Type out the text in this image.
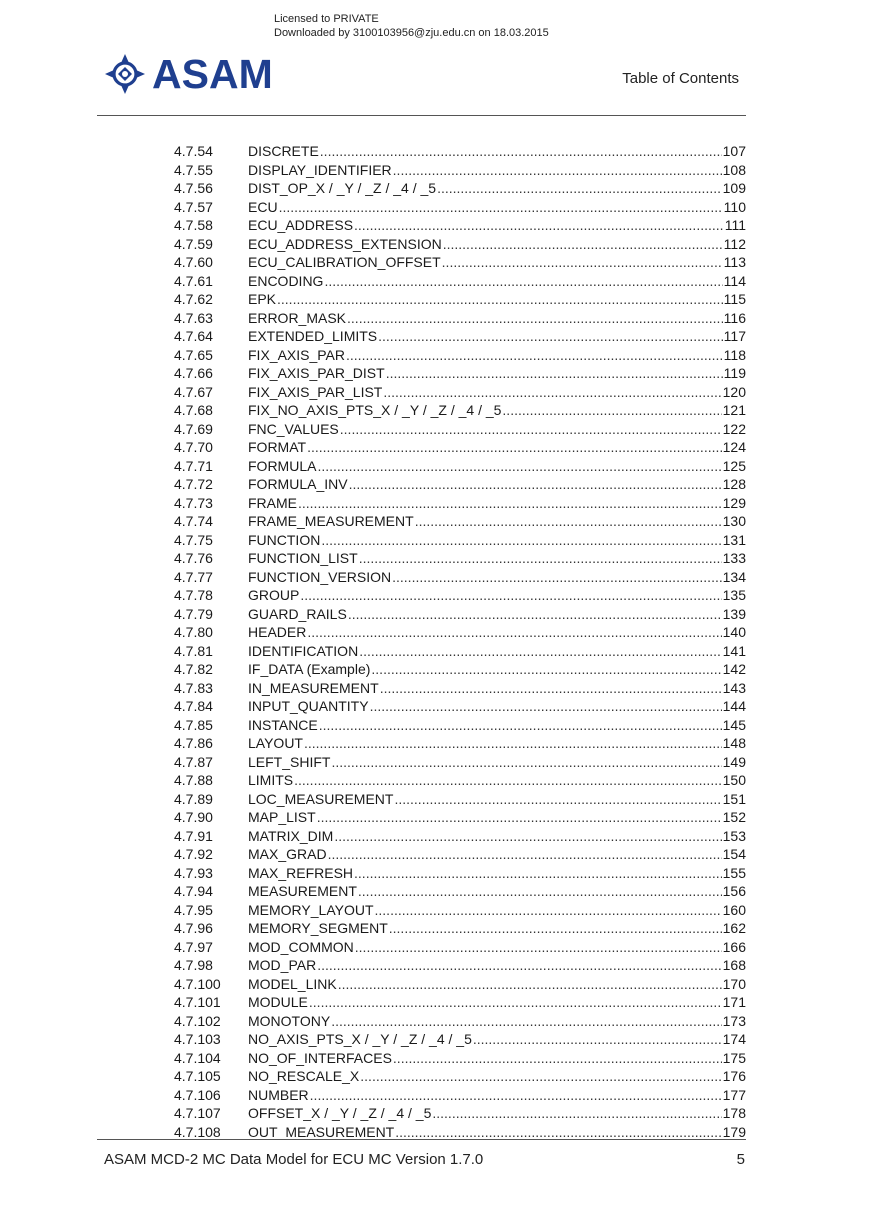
Licensed to PRIVATE
Downloaded by 3100103956@zju.edu.cn on 18.03.2015
ASAM	Table of Contents
4.7.54	DISCRETE .....	107
4.7.55	DISPLAY_IDENTIFIER .....	108
4.7.56	DIST_OP_X / _Y / _Z / _4 / _5 .....	109
4.7.57	ECU .....	110
4.7.58	ECU_ADDRESS .....	111
4.7.59	ECU_ADDRESS_EXTENSION .....	112
4.7.60	ECU_CALIBRATION_OFFSET .....	113
4.7.61	ENCODING .....	114
4.7.62	EPK .....	115
4.7.63	ERROR_MASK .....	116
4.7.64	EXTENDED_LIMITS .....	117
4.7.65	FIX_AXIS_PAR .....	118
4.7.66	FIX_AXIS_PAR_DIST .....	119
4.7.67	FIX_AXIS_PAR_LIST .....	120
4.7.68	FIX_NO_AXIS_PTS_X / _Y / _Z / _4 / _5 .....	121
4.7.69	FNC_VALUES .....	122
4.7.70	FORMAT .....	124
4.7.71	FORMULA .....	125
4.7.72	FORMULA_INV .....	128
4.7.73	FRAME .....	129
4.7.74	FRAME_MEASUREMENT .....	130
4.7.75	FUNCTION .....	131
4.7.76	FUNCTION_LIST .....	133
4.7.77	FUNCTION_VERSION .....	134
4.7.78	GROUP .....	135
4.7.79	GUARD_RAILS .....	139
4.7.80	HEADER .....	140
4.7.81	IDENTIFICATION .....	141
4.7.82	IF_DATA (Example) .....	142
4.7.83	IN_MEASUREMENT .....	143
4.7.84	INPUT_QUANTITY .....	144
4.7.85	INSTANCE .....	145
4.7.86	LAYOUT .....	148
4.7.87	LEFT_SHIFT .....	149
4.7.88	LIMITS .....	150
4.7.89	LOC_MEASUREMENT .....	151
4.7.90	MAP_LIST .....	152
4.7.91	MATRIX_DIM .....	153
4.7.92	MAX_GRAD .....	154
4.7.93	MAX_REFRESH .....	155
4.7.94	MEASUREMENT .....	156
4.7.95	MEMORY_LAYOUT .....	160
4.7.96	MEMORY_SEGMENT .....	162
4.7.97	MOD_COMMON .....	166
4.7.98	MOD_PAR .....	168
4.7.100	MODEL_LINK .....	170
4.7.101	MODULE .....	171
4.7.102	MONOTONY .....	173
4.7.103	NO_AXIS_PTS_X / _Y / _Z / _4 / _5 .....	174
4.7.104	NO_OF_INTERFACES .....	175
4.7.105	NO_RESCALE_X .....	176
4.7.106	NUMBER .....	177
4.7.107	OFFSET_X / _Y / _Z / _4 / _5 .....	178
4.7.108	OUT_MEASUREMENT .....	179
ASAM MCD-2 MC Data Model for ECU MC Version 1.7.0	5
